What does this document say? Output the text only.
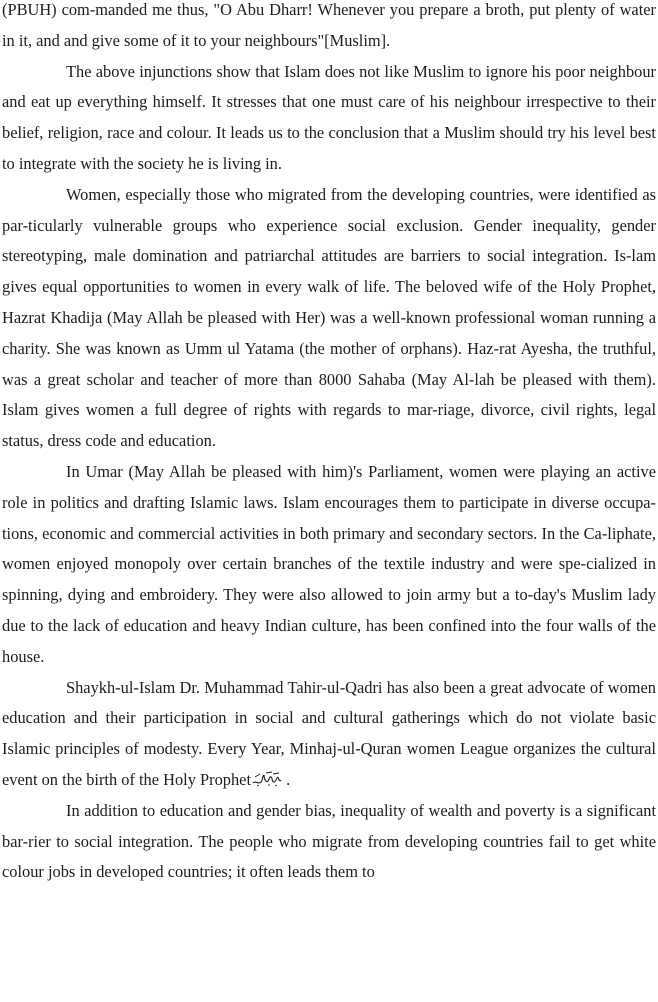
(PBUH) com-manded me thus, "O Abu Dharr! Whenever you prepare a broth, put plenty of water in it, and and give some of it to your neighbours"[Muslim].

The above injunctions show that Islam does not like Muslim to ignore his poor neighbour and eat up everything himself. It stresses that one must care of his neighbour irrespective to their belief, religion, race and colour. It leads us to the conclusion that a Muslim should try his level best to integrate with the society he is living in.

Women, especially those who migrated from the developing countries, were identified as par-ticularly vulnerable groups who experience social exclusion. Gender inequality, gender stereotyping, male domination and patriarchal attitudes are barriers to social integration. Is-lam gives equal opportunities to women in every walk of life. The beloved wife of the Holy Prophet, Hazrat Khadija (May Allah be pleased with Her) was a well-known professional woman running a charity. She was known as Umm ul Yatama (the mother of orphans). Haz-rat Ayesha, the truthful, was a great scholar and teacher of more than 8000 Sahaba (May Al-lah be pleased with them). Islam gives women a full degree of rights with regards to mar-riage, divorce, civil rights, legal status, dress code and education.

In Umar (May Allah be pleased with him)'s Parliament, women were playing an active role in politics and drafting Islamic laws. Islam encourages them to participate in diverse occupa-tions, economic and commercial activities in both primary and secondary sectors. In the Ca-liphate, women enjoyed monopoly over certain branches of the textile industry and were spe-cialized in spinning, dying and embroidery. They were also allowed to join army but a to-day's Muslim lady due to the lack of education and heavy Indian culture, has been confined into the four walls of the house.

Shaykh-ul-Islam Dr. Muhammad Tahir-ul-Qadri has also been a great advocate of women education and their participation in social and cultural gatherings which do not violate basic Islamic principles of modesty. Every Year, Minhaj-ul-Quran women League organizes the cultural event on the birth of the Holy Prophet .

In addition to education and gender bias, inequality of wealth and poverty is a significant bar-rier to social integration. The people who migrate from developing countries fail to get white colour jobs in developed countries; it often leads them to
